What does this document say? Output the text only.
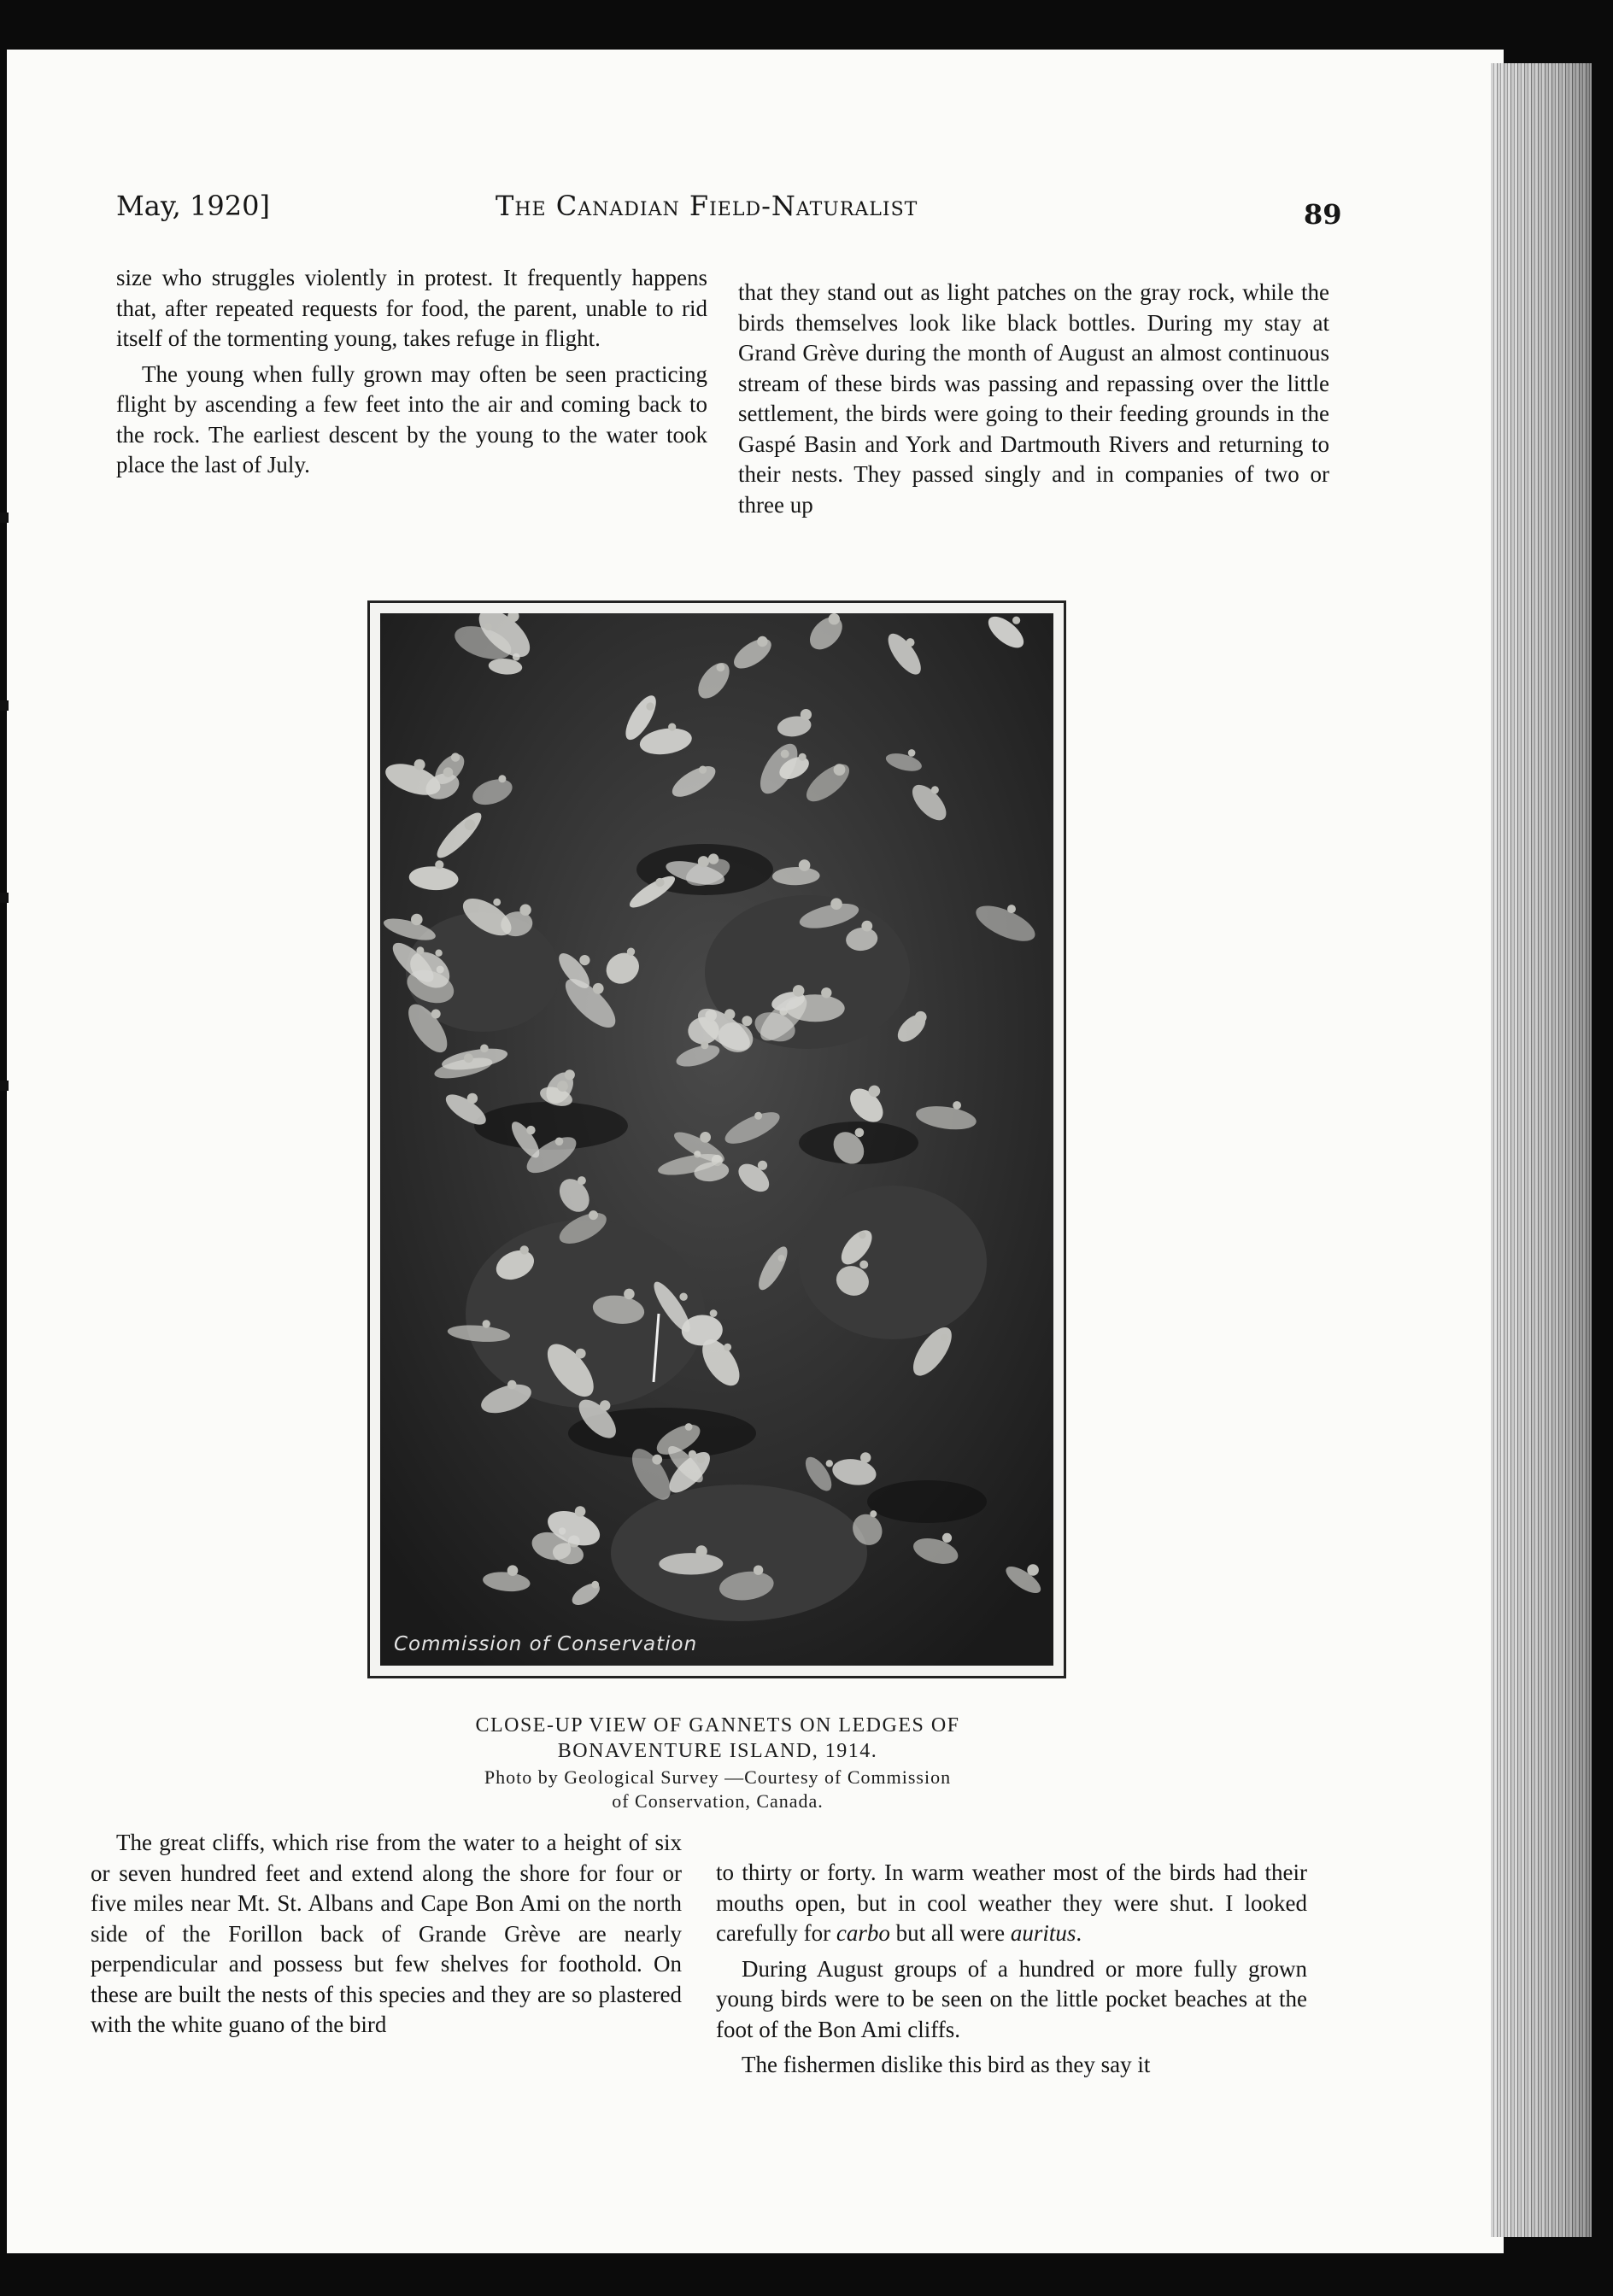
May, 1920]	The Canadian Field-Naturalist	89

size who struggles violently in protest. It frequently happens that, after repeated requests for food, the parent, unable to rid itself of the tormenting young, takes refuge in flight.

The young when fully grown may often be seen practicing flight by ascending a few feet into the air and coming back to the rock. The earliest descent by the young to the water took place the last of July.

that they stand out as light patches on the gray rock, while the birds themselves look like black bottles. During my stay at Grand Grève during the month of August an almost continuous stream of these birds was passing and repassing over the little settlement, the birds were going to their feeding grounds in the Gaspé Basin and York and Dartmouth Rivers and returning to their nests. They passed singly and in companies of two or three up

Commission of Conservation
CLOSE-UP VIEW OF GANNETS ON LEDGES OF
BONAVENTURE ISLAND, 1914.
Photo by Geological Survey —Courtesy of Commission
of Conservation, Canada.

The great cliffs, which rise from the water to a height of six or seven hundred feet and extend along the shore for four or five miles near Mt. St. Albans and Cape Bon Ami on the north side of the Forillon back of Grande Grève are nearly perpendicular and possess but few shelves for foothold. On these are built the nests of this species and they are so plastered with the white guano of the bird

to thirty or forty. In warm weather most of the birds had their mouths open, but in cool weather they were shut. I looked carefully for carbo but all were auritus.

During August groups of a hundred or more fully grown young birds were to be seen on the little pocket beaches at the foot of the Bon Ami cliffs.

The fishermen dislike this bird as they say it
